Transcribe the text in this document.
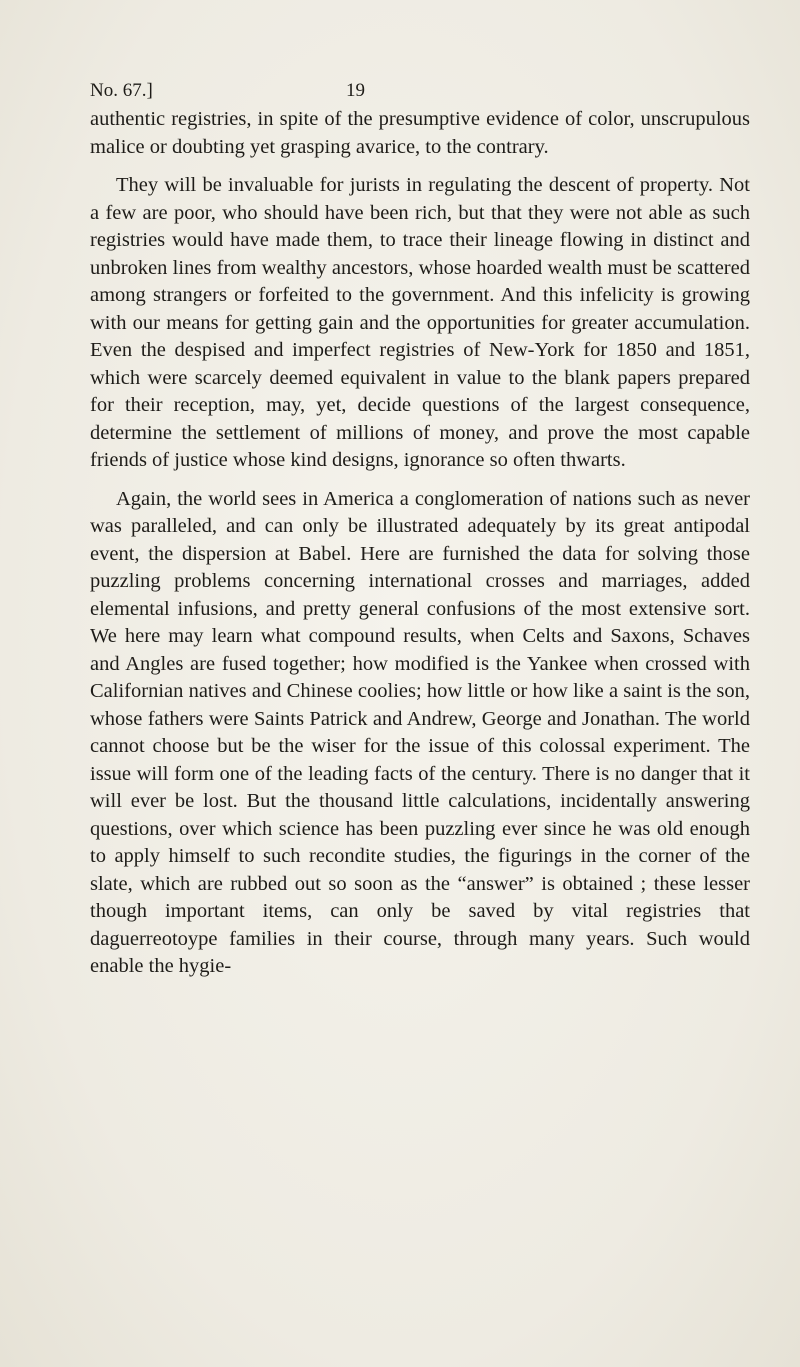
No. 67.]	19

authentic registries, in spite of the presumptive evidence of color, unscrupulous malice or doubting yet grasping avarice, to the contrary.

They will be invaluable for jurists in regulating the descent of property. Not a few are poor, who should have been rich, but that they were not able as such registries would have made them, to trace their lineage flowing in distinct and unbroken lines from wealthy ancestors, whose hoarded wealth must be scattered among strangers or forfeited to the government. And this infelicity is growing with our means for getting gain and the opportunities for greater accumulation. Even the despised and imperfect registries of New-York for 1850 and 1851, which were scarcely deemed equivalent in value to the blank papers prepared for their reception, may, yet, decide questions of the largest consequence, determine the settlement of millions of money, and prove the most capable friends of justice whose kind designs, ignorance so often thwarts.

Again, the world sees in America a conglomeration of nations such as never was paralleled, and can only be illustrated adequately by its great antipodal event, the dispersion at Babel. Here are furnished the data for solving those puzzling problems concerning international crosses and marriages, added elemental infusions, and pretty general confusions of the most extensive sort. We here may learn what compound results, when Celts and Saxons, Schaves and Angles are fused together; how modified is the Yankee when crossed with Californian natives and Chinese coolies; how little or how like a saint is the son, whose fathers were Saints Patrick and Andrew, George and Jonathan. The world cannot choose but be the wiser for the issue of this colossal experiment. The issue will form one of the leading facts of the century. There is no danger that it will ever be lost. But the thousand little calculations, incidentally answering questions, over which science has been puzzling ever since he was old enough to apply himself to such recondite studies, the figurings in the corner of the slate, which are rubbed out so soon as the “answer” is obtained ; these lesser though important items, can only be saved by vital registries that daguerreotoype families in their course, through many years. Such would enable the hygie-
